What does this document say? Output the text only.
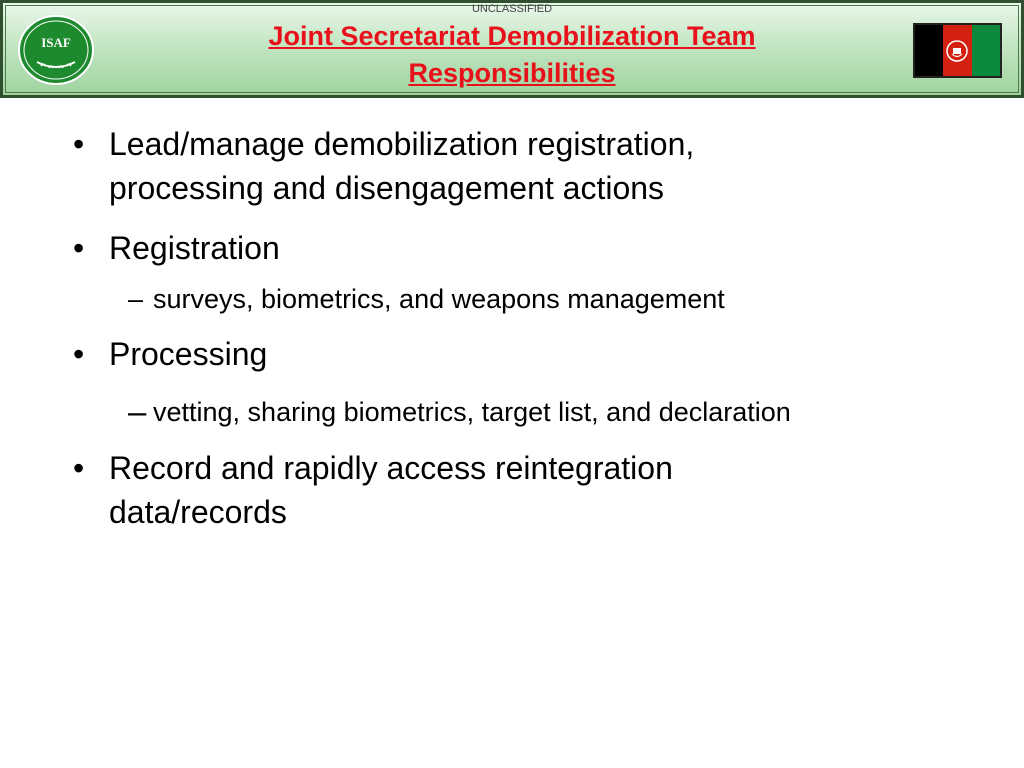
UNCLASSIFIED
ISAF	Joint Secretariat Demobilization Team
Responsibilities
• Lead/manage demobilization registration,
processing and disengagement actions
• Registration
– surveys, biometrics, and weapons management
• Processing
– vetting, sharing biometrics, target list, and declaration
• Record and rapidly access reintegration
data/records
